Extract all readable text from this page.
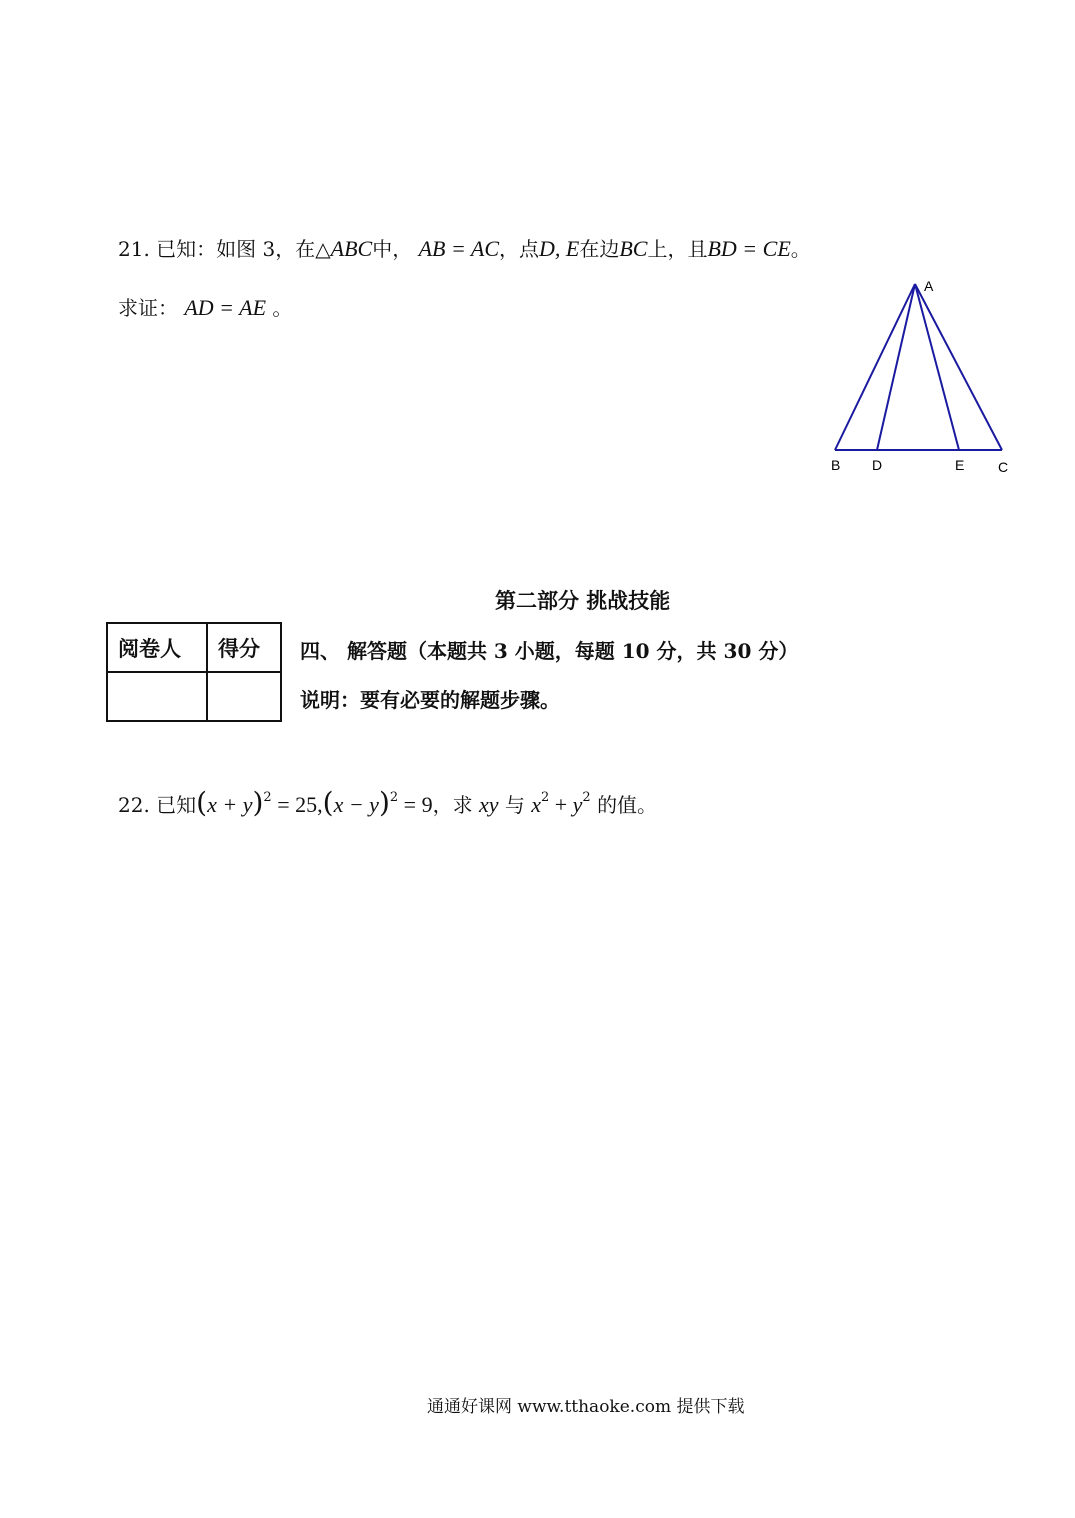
21. 已知：如图 3，在△ABC中， AB = AC，点D, E在边BC上，且BD = CE。
求证： AD = AE 。
A
B D	E C
第二部分 挑战技能
阅卷人	得分
	四、 解答题（本题共 3 小题，每题 10 分，共 30 分）
说明：要有必要的解题步骤。
22. 已知$(x + y)^2 = 25,(x - y)^2 = 9$，求 xy 与 $x^2 + y^2$ 的值。
通通好课网 www.tthaoke.com 提供下载
